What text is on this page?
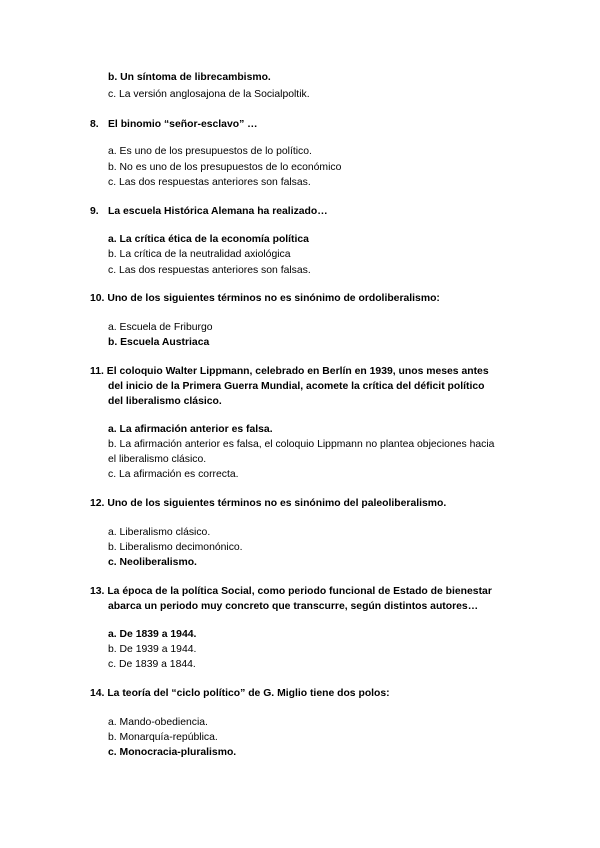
b. Un síntoma de librecambismo.
c. La versión anglosajona de la Socialpoltik.
8. El binomio “señor-esclavo” …
a. Es uno de los presupuestos de lo político.
b. No es uno de los presupuestos de lo económico
c. Las dos respuestas anteriores son falsas.
9. La escuela Histórica Alemana ha realizado…
a. La crítica ética de la economía política
b. La crítica de la neutralidad axiológica
c. Las dos respuestas anteriores son falsas.
10. Uno de los siguientes términos no es sinónimo de ordoliberalismo:
a. Escuela de Friburgo
b. Escuela Austriaca
11. El coloquio Walter Lippmann, celebrado en Berlín en 1939, unos meses antes
del inicio de la Primera Guerra Mundial, acomete la crítica del déficit político
del liberalismo clásico.
a. La afirmación anterior es falsa.
b. La afirmación anterior es falsa, el coloquio Lippmann no plantea objeciones hacia
el liberalismo clásico.
c. La afirmación es correcta.
12. Uno de los siguientes términos no es sinónimo del paleoliberalismo.
a. Liberalismo clásico.
b. Liberalismo decimonónico.
c. Neoliberalismo.
13. La época de la política Social, como periodo funcional de Estado de bienestar
abarca un periodo muy concreto que transcurre, según distintos autores…
a. De 1839 a 1944.
b. De 1939 a 1944.
c. De 1839 a 1844.
14. La teoría del “ciclo político” de G. Miglio tiene dos polos:
a. Mando-obediencia.
b. Monarquía-república.
c. Monocracia-pluralismo.
